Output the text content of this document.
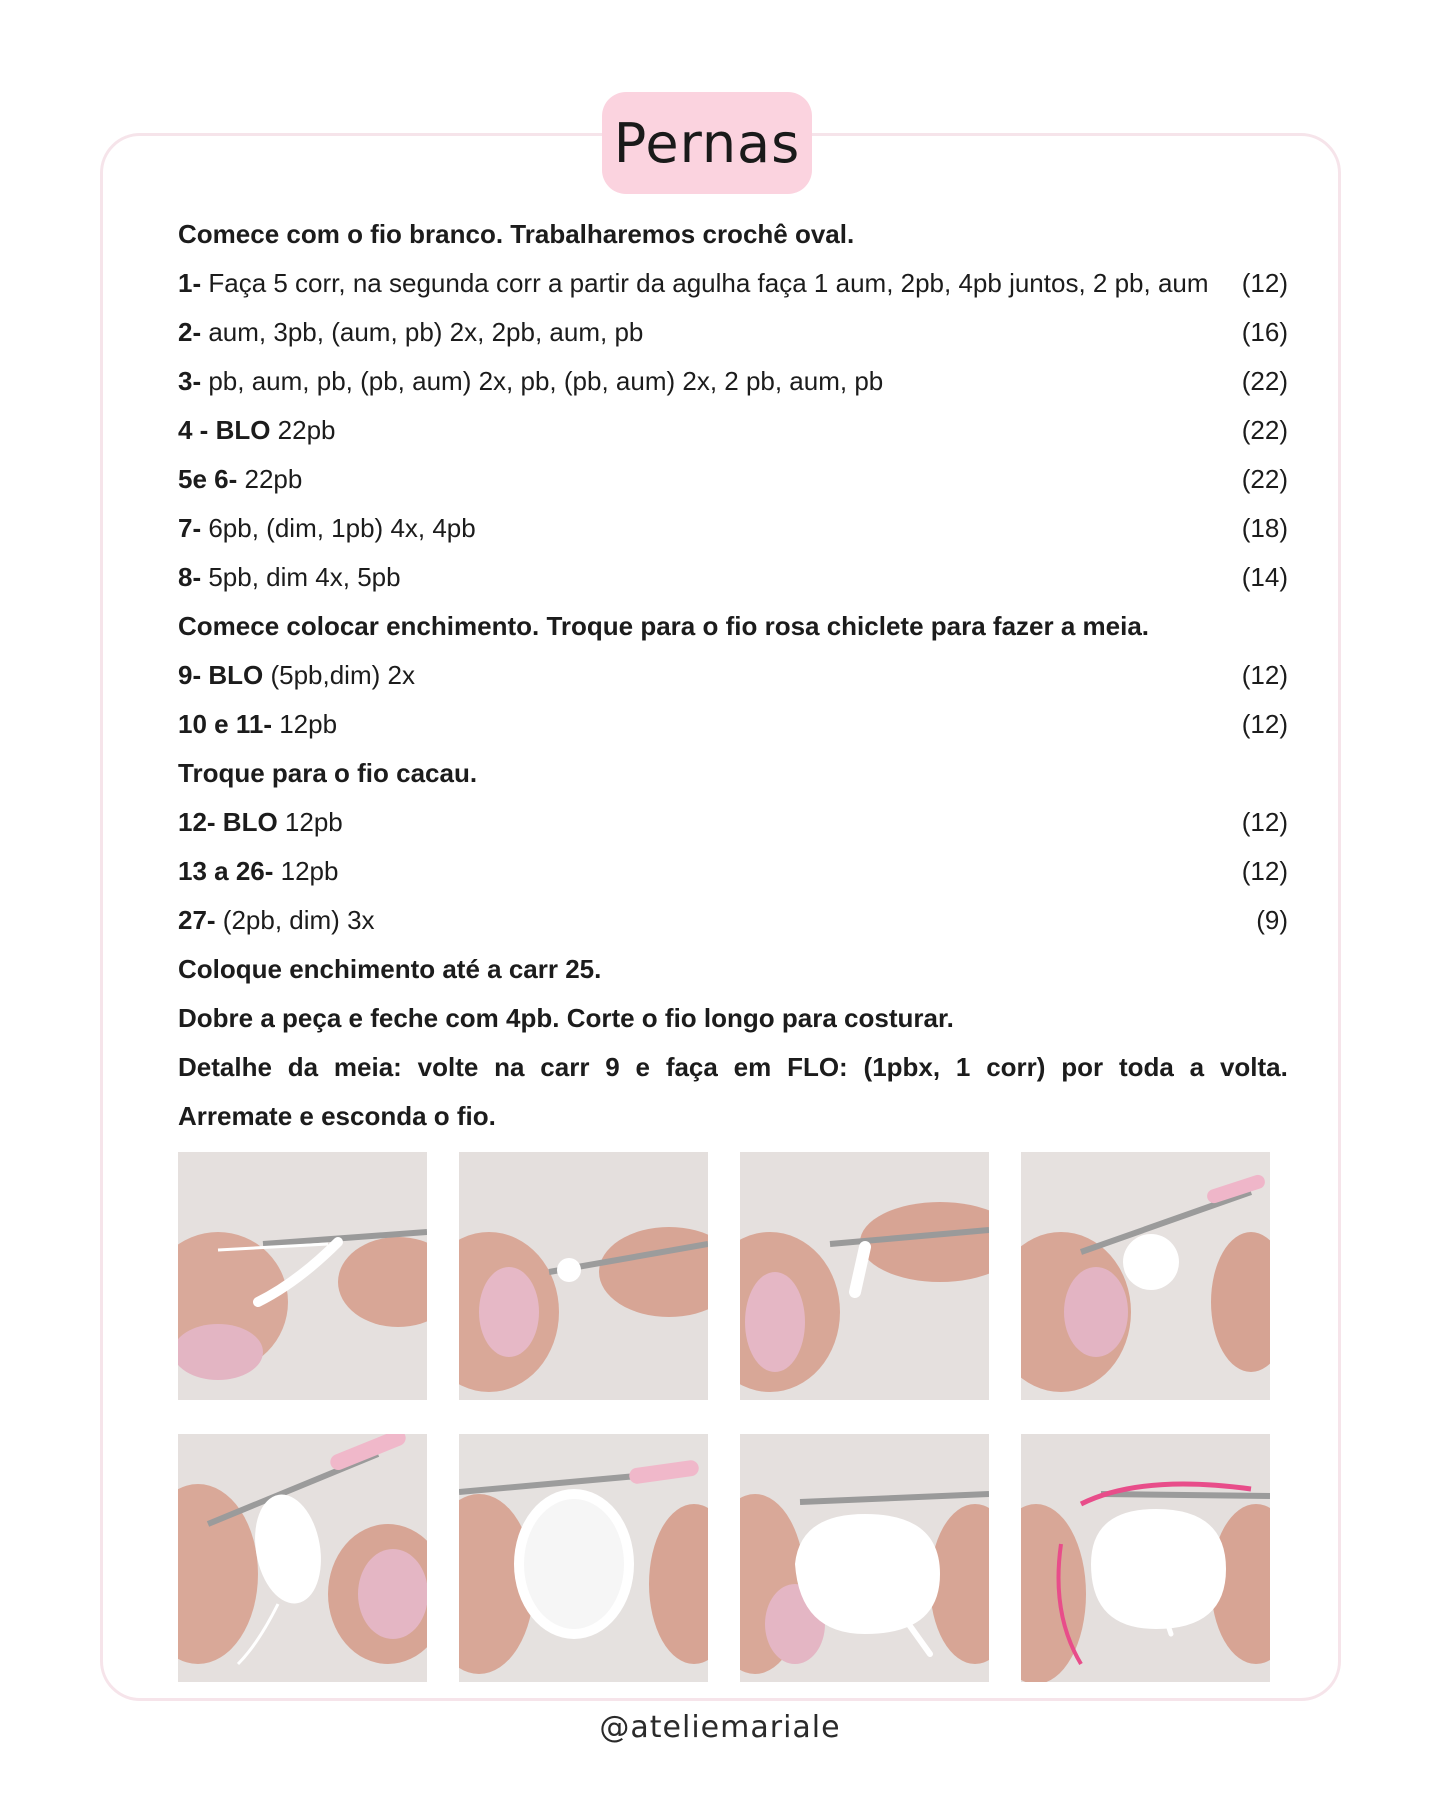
Pernas
Comece com o fio branco. Trabalharemos crochê oval.
1- Faça 5 corr, na segunda corr a partir da agulha faça 1 aum, 2pb, 4pb juntos, 2 pb, aum	(12)
2- aum, 3pb, (aum, pb) 2x, 2pb, aum, pb	(16)
3- pb, aum, pb, (pb, aum) 2x, pb, (pb, aum) 2x, 2 pb, aum, pb	(22)
4 - BLO 22pb	(22)
5e 6- 22pb	(22)
7- 6pb, (dim, 1pb) 4x, 4pb	(18)
8- 5pb, dim 4x, 5pb	(14)
Comece colocar enchimento. Troque para o fio rosa chiclete para fazer a meia.
9- BLO (5pb,dim) 2x	(12)
10 e 11- 12pb	(12)
Troque para o fio cacau.
12- BLO 12pb	(12)
13 a 26- 12pb	(12)
27- (2pb, dim) 3x	(9)
Coloque enchimento até a carr 25.
Dobre a peça e feche com 4pb. Corte o fio longo para costurar.
Detalhe da meia: volte na carr 9 e faça em FLO: (1pbx, 1 corr) por toda a volta.
Arremate e esconda o fio.
@ateliemariale
